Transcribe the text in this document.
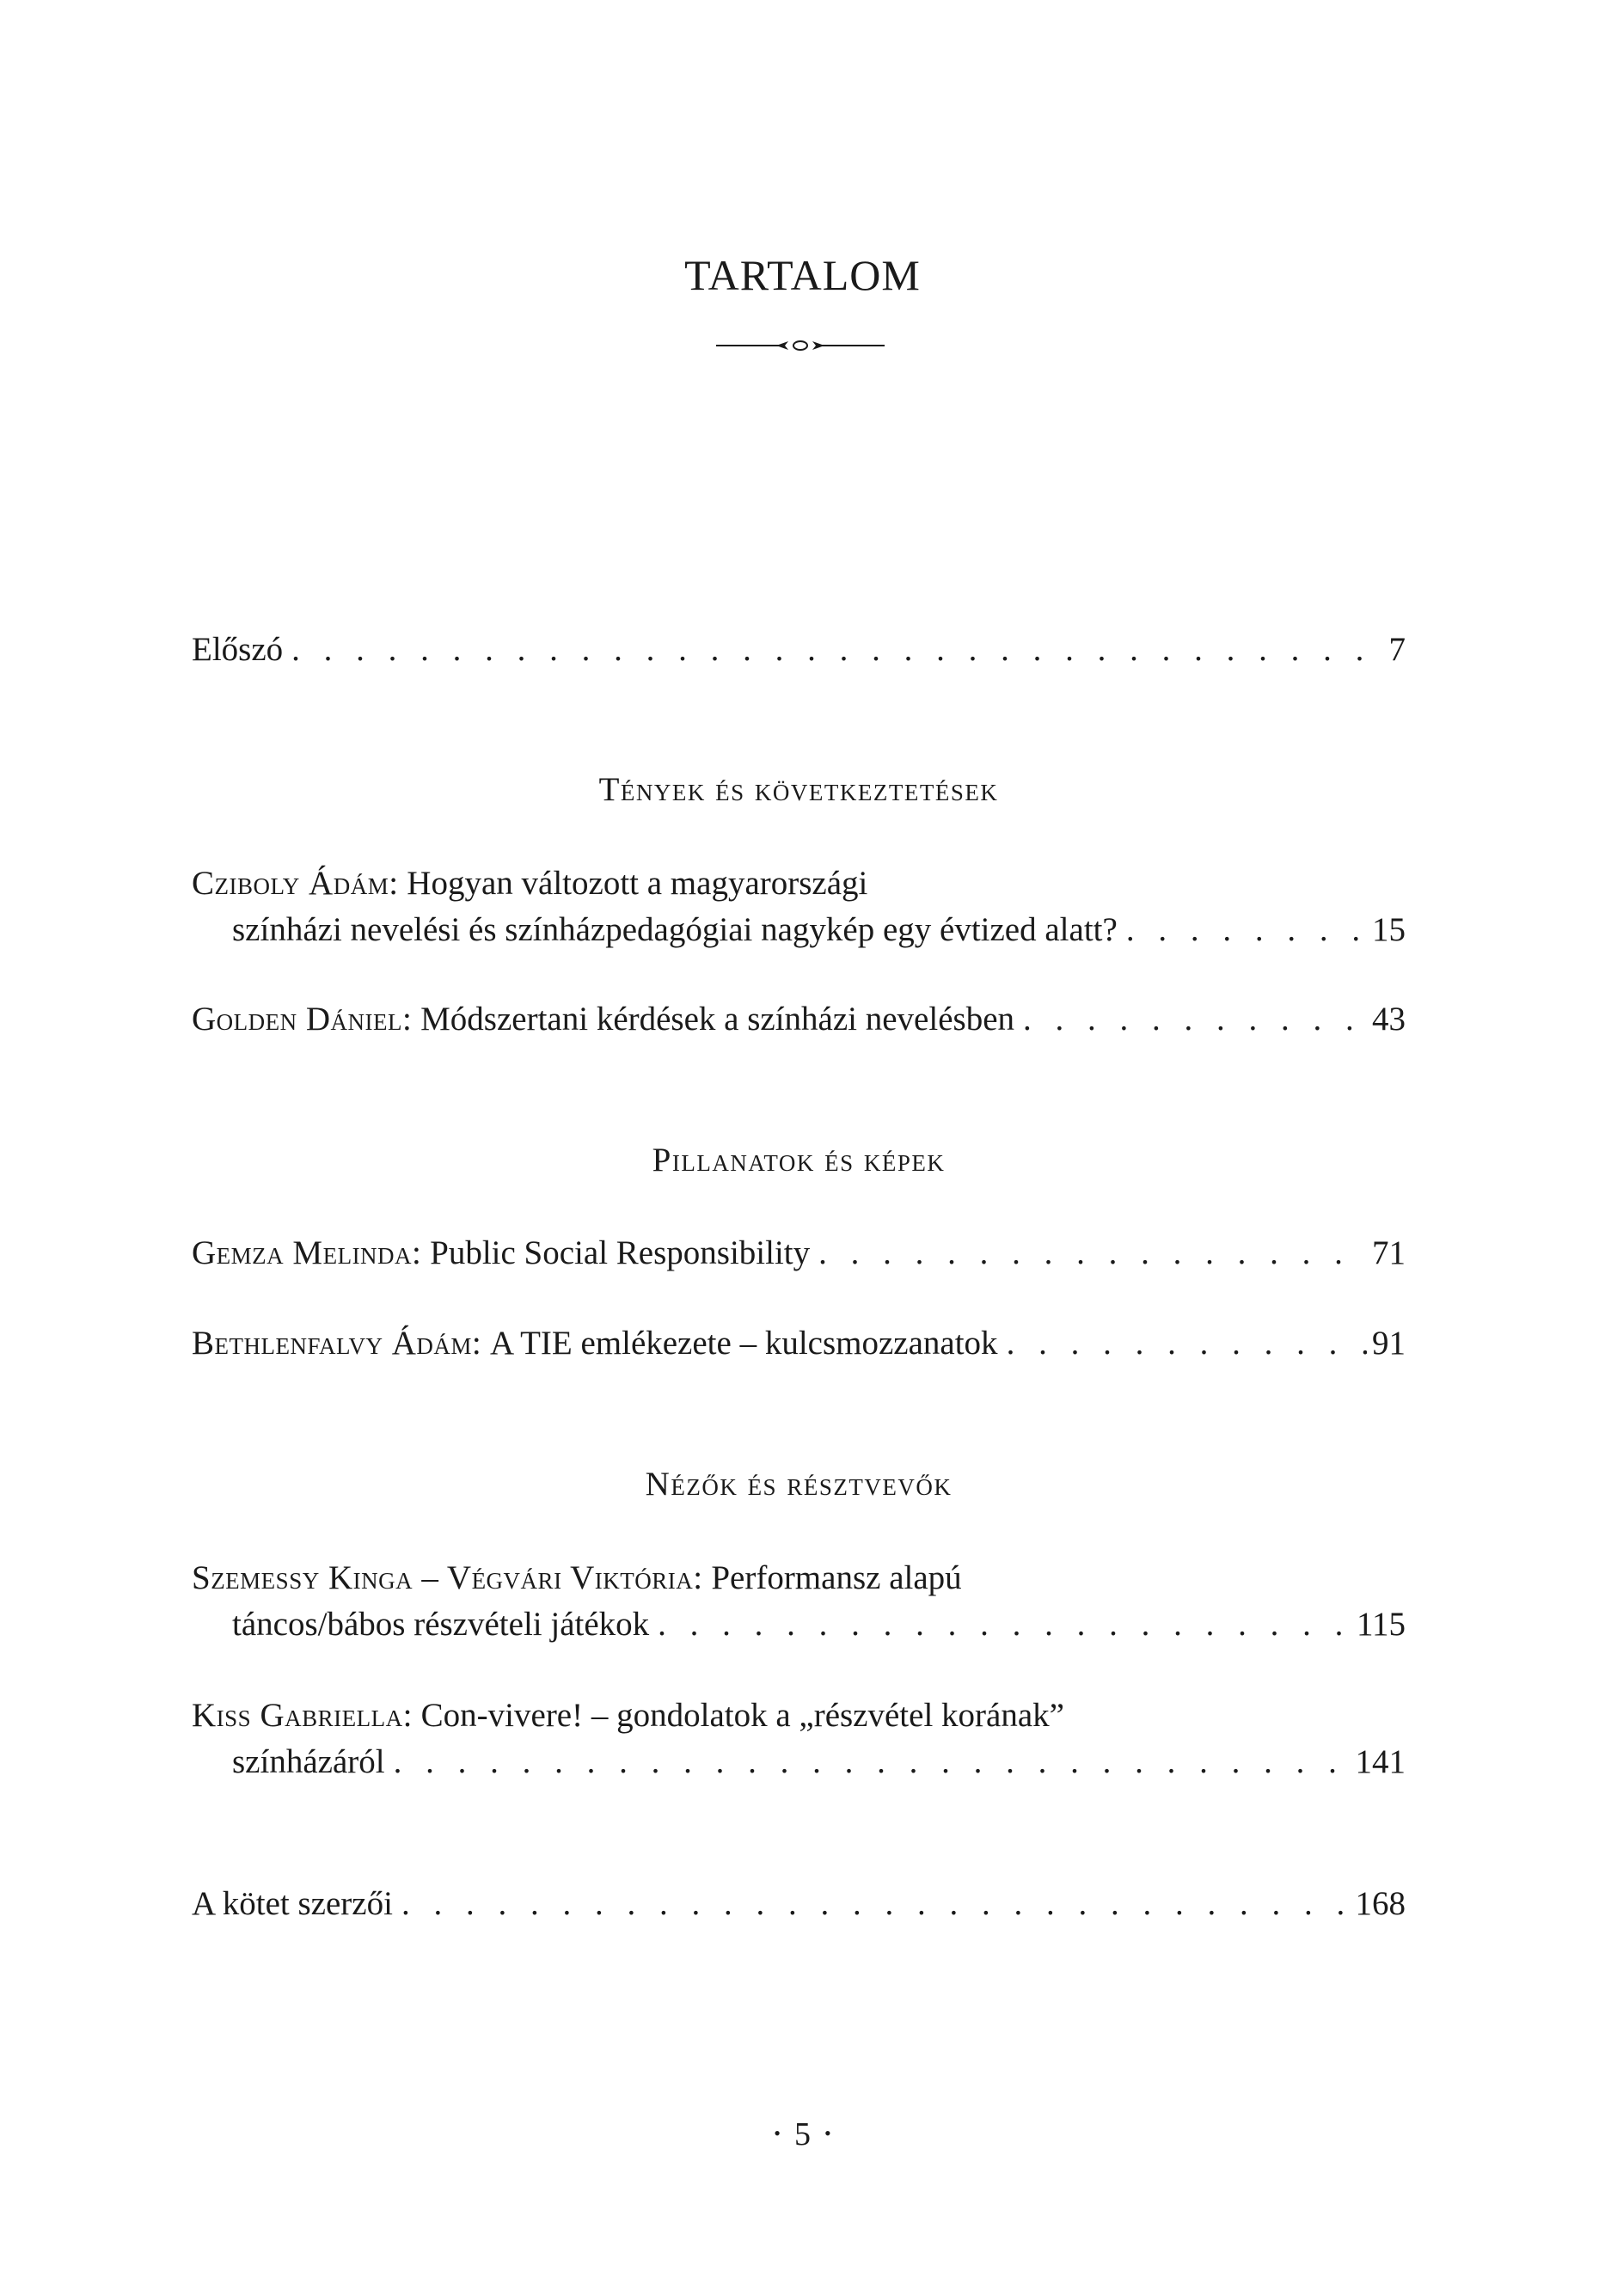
TARTALOM
Előszó . . .	7
Tények és következtetések
Cziboly Ádám:
Hogyan változott a magyarországi
színházi nevelési és színházpedagógiai nagykép egy évtized alatt? . . .	15
Golden Dániel:
Módszertani kérdések a színházi nevelésben . . .	43
Pillanatok és képek
Gemza Melinda:
Public Social Responsibility . . .	71
Bethlenfalvy Ádám:
A TIE emlékezete – kulcsmozzanatok . . .	91
Nézők és résztvevők
Szemessy Kinga – Végvári Viktória:
Performansz alapú
táncos/bábos részvételi játékok . . .	115
Kiss Gabriella:
Con-vivere! – gondolatok a „részvétel korának”
színházáról . . .	141
A kötet szerzői . . .	168
• 5 •
